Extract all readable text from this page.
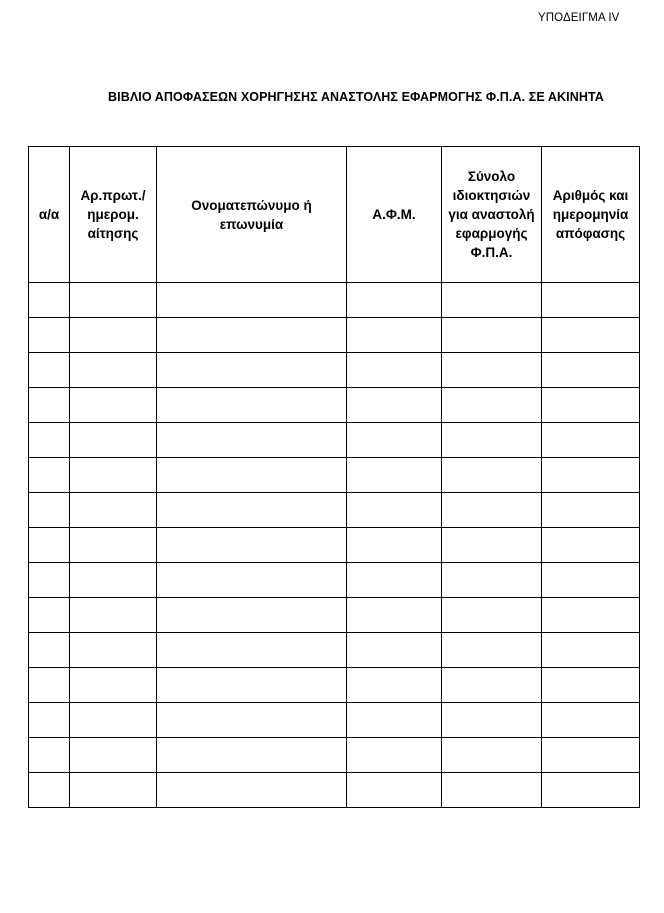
ΥΠΟΔΕΙΓΜΑ IV
ΒΙΒΛΙΟ ΑΠΟΦΑΣΕΩΝ ΧΟΡΗΓΗΣΗΣ ΑΝΑΣΤΟΛΗΣ ΕΦΑΡΜΟΓΗΣ Φ.Π.Α. ΣΕ ΑΚΙΝΗΤΑ
α/α	Αρ.πρωτ./ ημερομ. αίτησης	Ονοματεπώνυμο ή επωνυμία	Α.Φ.Μ.	Σύνολο ιδιοκτησιών για αναστολή εφαρμογής Φ.Π.Α.	Αριθμός και ημερομηνία απόφασης
